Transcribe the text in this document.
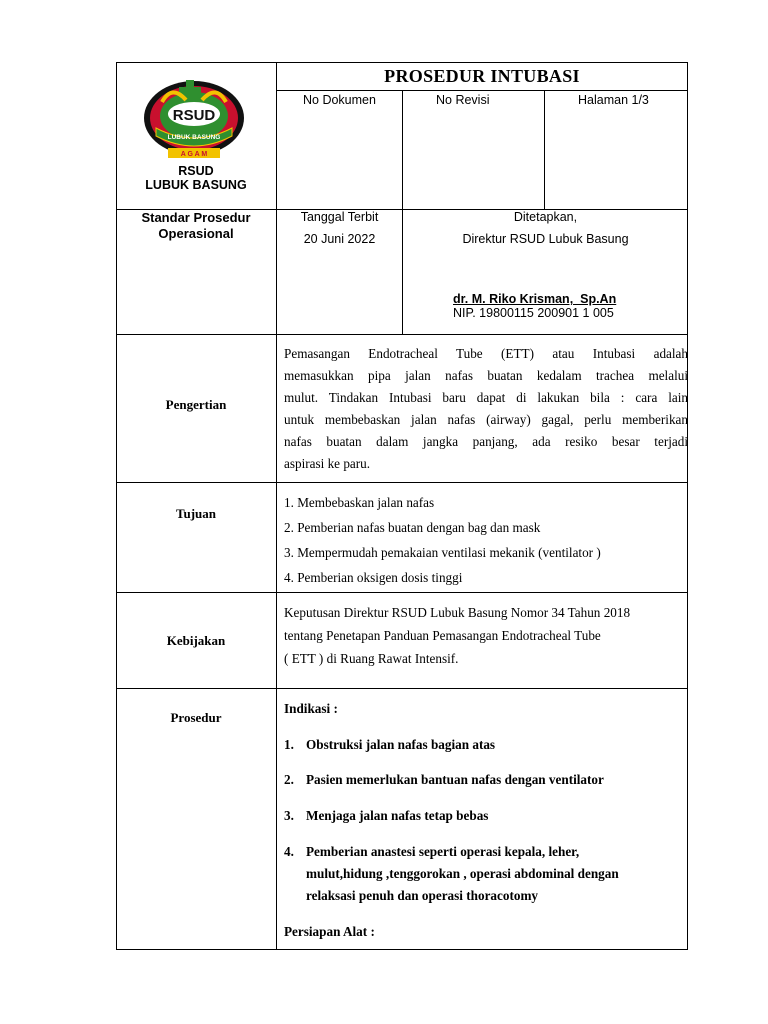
PROSEDUR INTUBASI
No Dokumen	No Revisi	Halaman 1/3
RSUD
LUBUK BASUNG
A G A M
RSUD
LUBUK BASUNG
Standar Prosedur
Operasional
Tanggal Terbit
20 Juni 2022
Ditetapkan,
Direktur RSUD Lubuk Basung
dr. M. Riko Krisman,  Sp.An
NIP. 19800115 200901 1 005
Pengertian
Pemasangan Endotracheal Tube (ETT) atau Intubasi adalah
memasukkan pipa jalan nafas buatan kedalam trachea melalui
mulut. Tindakan Intubasi baru dapat di lakukan bila : cara lain
untuk membebaskan jalan nafas (airway) gagal, perlu memberikan
nafas buatan dalam jangka panjang, ada resiko besar terjadi
aspirasi ke paru.
Tujuan
1. Membebaskan jalan nafas
2. Pemberian nafas buatan dengan bag dan mask
3. Mempermudah pemakaian ventilasi mekanik (ventilator )
4. Pemberian oksigen dosis tinggi
Kebijakan
Keputusan Direktur RSUD Lubuk Basung Nomor 34 Tahun 2018
tentang Penetapan Panduan Pemasangan Endotracheal Tube
( ETT ) di Ruang Rawat Intensif.
Prosedur
Indikasi :
1. Obstruksi jalan nafas bagian atas
2. Pasien memerlukan bantuan nafas dengan ventilator
3. Menjaga jalan nafas tetap bebas
4. Pemberian anastesi seperti operasi kepala, leher,
mulut,hidung ,tenggorokan , operasi abdominal dengan
relaksasi penuh dan operasi thoracotomy
Persiapan Alat :
